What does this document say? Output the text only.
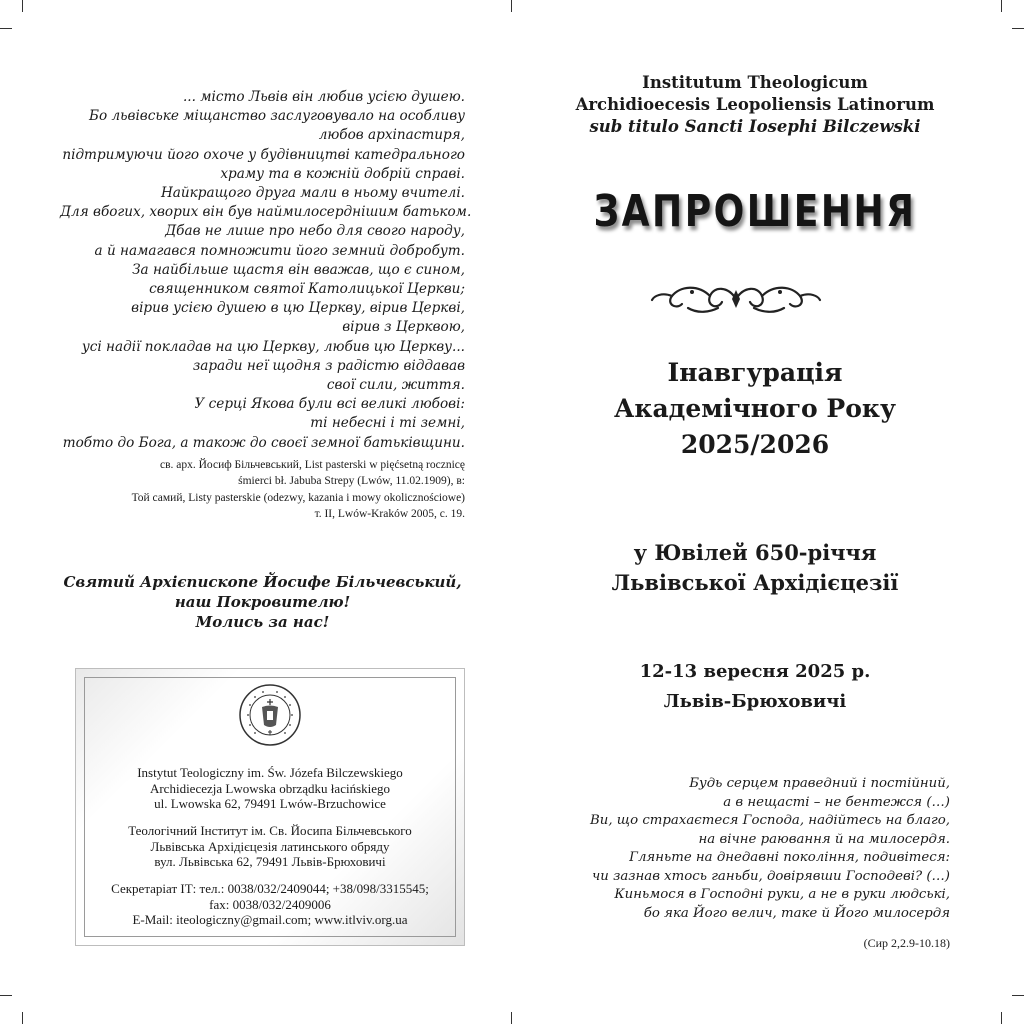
... місто Львів він любив усією душею.
Бо львівське міщанство заслуговувало на особливу
любов архіпастиря,
підтримуючи його охоче у будівництві катедрального
храму та в кожній добрій справі.
Найкращого друга мали в ньому вчителі.
Для вбогих, хворих він був наймилосерднішим батьком.
Дбав не лише про небо для свого народу,
а й намагався помножити його земний добробут.
За найбільше щастя він вважав, що є сином,
священником святої Католицької Церкви;
вірив усією душею в цю Церкву, вірив Церкві,
вірив з Церквою,
усі надії покладав на цю Церкву, любив цю Церкву...
заради неї щодня з радістю віддавав
свої сили, життя.
У серці Якова були всі великі любові:
ті небесні і ті земні,
тобто до Бога, а також до своєї земної батьківщини.
св. арх. Йосиф Більчевський, List pasterski w pięćsetną rocznicę
śmierci bł. Jabuba Strepy (Lwów, 11.02.1909), в:
Той самий, Listy pasterskie (odezwy, kazania i mowy okolicznościowe)
т. II, Lwów-Kraków 2005, c. 19.
Святий Архієпископе Йосифе Більчевський,
наш Покровителю!
Молись за нас!
Instytut Teologiczny im. Św. Józefa Bilczewskiego
Archidiecezja Lwowska obrządku łacińskiego
ul. Lwowska 62, 79491 Lwów-Brzuchowice
Теологічний Інститут ім. Св. Йосипа Більчевського
Львівська Архідієцезія латинського обряду
вул. Львівська 62, 79491 Львів-Брюховичі
Секретаріат ІТ: тел.: 0038/032/2409044; +38/098/3315545;
fax: 0038/032/2409006
E-Mail: iteologiczny@gmail.com; www.itlviv.org.ua
Institutum Theologicum
Archidioecesis Leopoliensis Latinorum
sub titulo Sancti Iosephi Bilczewski
ЗАПРОШЕННЯ
Інавгурація
Академічного Року
2025/2026
у Ювілей 650-річчя
Львівської Архідієцезії
12-13 вересня 2025 р.
Львів-Брюховичі
Будь серцем праведний і постійний,
а в нещасті – не бентежся (…)
Ви, що страхаєтеся Господа, надійтесь на благо,
на вічне раювання й на милосердя.
Гляньте на днедавні покоління, подивітеся:
чи зазнав хтось ганьби, довірявши Господеві? (…)
Киньмося в Господні руки, а не в руки людські,
бо яка Його велич, таке й Його милосердя
(Сир 2,2.9-10.18)
